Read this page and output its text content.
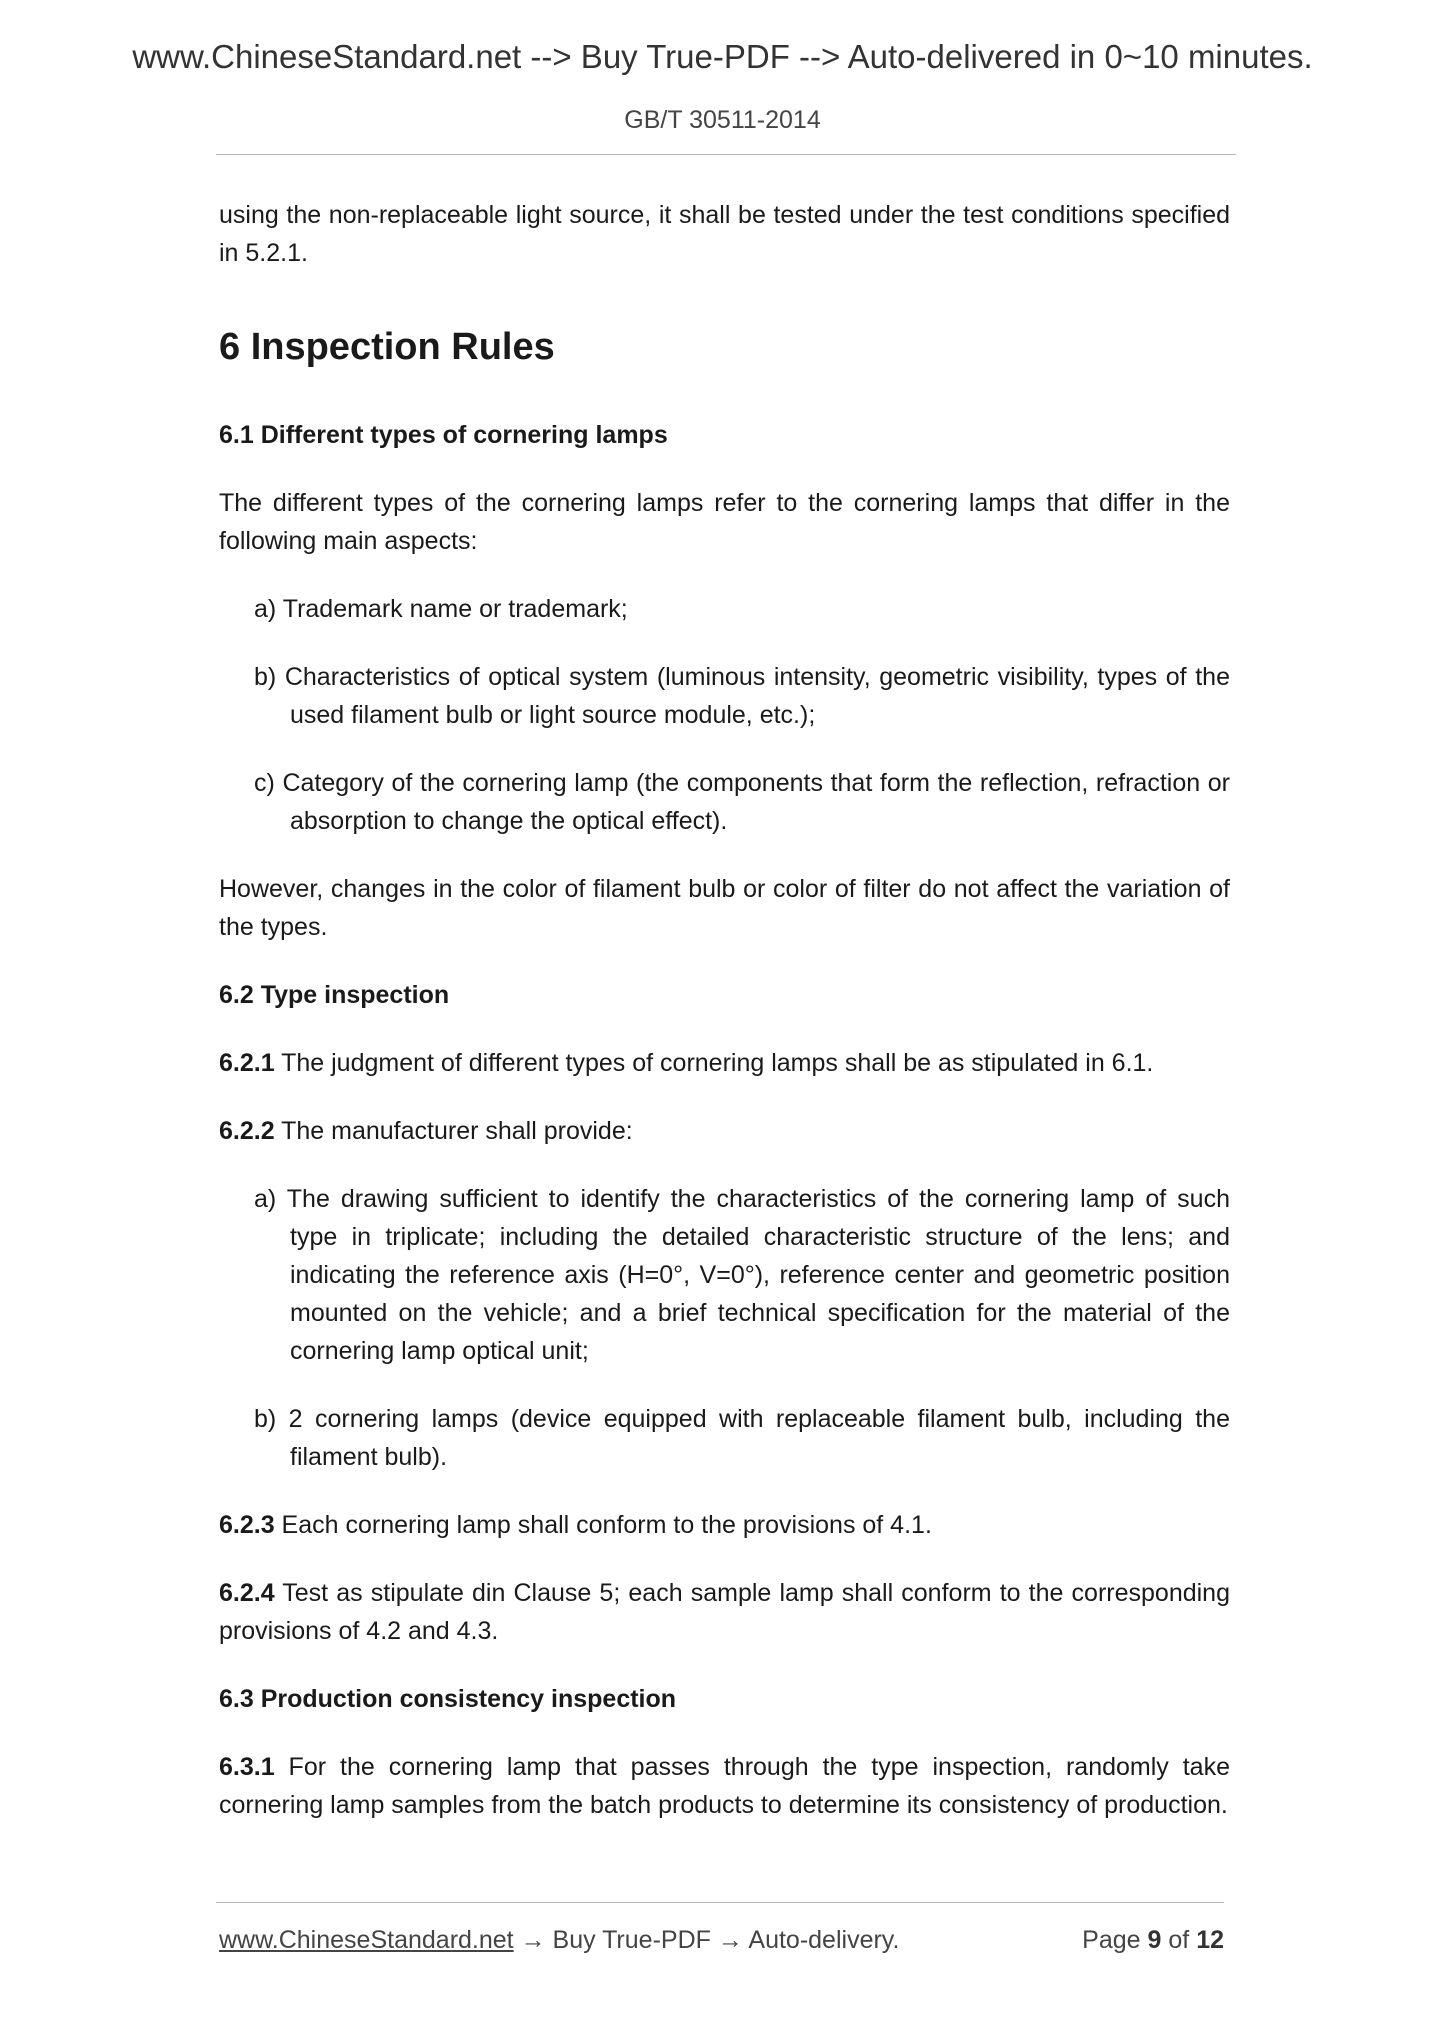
www.ChineseStandard.net --> Buy True-PDF --> Auto-delivered in 0~10 minutes.
GB/T 30511-2014

using the non-replaceable light source, it shall be tested under the test conditions specified in 5.2.1.

6 Inspection Rules
6.1 Different types of cornering lamps

The different types of the cornering lamps refer to the cornering lamps that differ in the following main aspects:

a) Trademark name or trademark;

b) Characteristics of optical system (luminous intensity, geometric visibility, types of the used filament bulb or light source module, etc.);

c) Category of the cornering lamp (the components that form the reflection, refraction or absorption to change the optical effect).

However, changes in the color of filament bulb or color of filter do not affect the variation of the types.

6.2 Type inspection

6.2.1 The judgment of different types of cornering lamps shall be as stipulated in 6.1.

6.2.2 The manufacturer shall provide:

a) The drawing sufficient to identify the characteristics of the cornering lamp of such type in triplicate; including the detailed characteristic structure of the lens; and indicating the reference axis (H=0°, V=0°), reference center and geometric position mounted on the vehicle; and a brief technical specification for the material of the cornering lamp optical unit;

b) 2 cornering lamps (device equipped with replaceable filament bulb, including the filament bulb).

6.2.3 Each cornering lamp shall conform to the provisions of 4.1.

6.2.4 Test as stipulate din Clause 5; each sample lamp shall conform to the corresponding provisions of 4.2 and 4.3.

6.3 Production consistency inspection

6.3.1 For the cornering lamp that passes through the type inspection, randomly take cornering lamp samples from the batch products to determine its consistency of production.

www.ChineseStandard.net → Buy True-PDF → Auto-delivery.	Page 9 of 12
